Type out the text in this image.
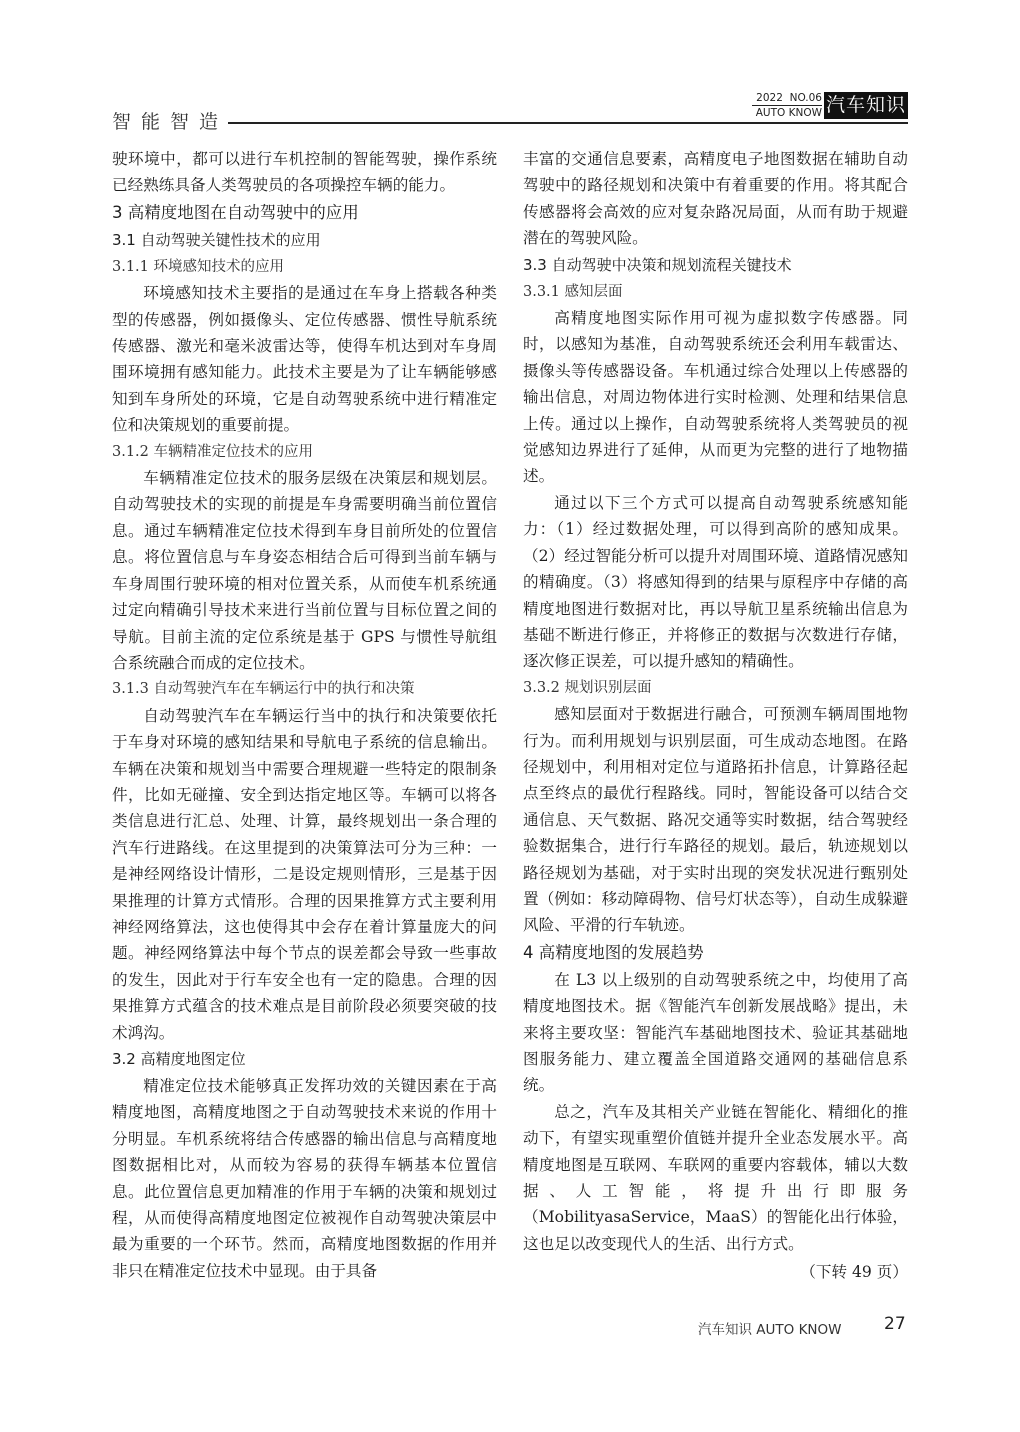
智能智造
2022 NO.06
AUTO KNOW 汽车知识

驶环境中，都可以进行车机控制的智能驾驶，操作系统已经熟练具备人类驾驶员的各项操控车辆的能力。

3 高精度地图在自动驾驶中的应用

3.1 自动驾驶关键性技术的应用

3.1.1 环境感知技术的应用

环境感知技术主要指的是通过在车身上搭载各种类型的传感器，例如摄像头、定位传感器、惯性导航系统传感器、激光和毫米波雷达等，使得车机达到对车身周围环境拥有感知能力。此技术主要是为了让车辆能够感知到车身所处的环境，它是自动驾驶系统中进行精准定位和决策规划的重要前提。

3.1.2 车辆精准定位技术的应用

车辆精准定位技术的服务层级在决策层和规划层。自动驾驶技术的实现的前提是车身需要明确当前位置信息。通过车辆精准定位技术得到车身目前所处的位置信息。将位置信息与车身姿态相结合后可得到当前车辆与车身周围行驶环境的相对位置关系，从而使车机系统通过定向精确引导技术来进行当前位置与目标位置之间的导航。目前主流的定位系统是基于 GPS 与惯性导航组合系统融合而成的定位技术。

3.1.3 自动驾驶汽车在车辆运行中的执行和决策

自动驾驶汽车在车辆运行当中的执行和决策要依托于车身对环境的感知结果和导航电子系统的信息输出。车辆在决策和规划当中需要合理规避一些特定的限制条件，比如无碰撞、安全到达指定地区等。车辆可以将各类信息进行汇总、处理、计算，最终规划出一条合理的汽车行进路线。在这里提到的决策算法可分为三种：一是神经网络设计情形，二是设定规则情形，三是基于因果推理的计算方式情形。合理的因果推算方式主要利用神经网络算法，这也使得其中会存在着计算量庞大的问题。神经网络算法中每个节点的误差都会导致一些事故的发生，因此对于行车安全也有一定的隐患。合理的因果推算方式蕴含的技术难点是目前阶段必须要突破的技术鸿沟。

3.2 高精度地图定位

精准定位技术能够真正发挥功效的关键因素在于高精度地图，高精度地图之于自动驾驶技术来说的作用十分明显。车机系统将结合传感器的输出信息与高精度地图数据相比对，从而较为容易的获得车辆基本位置信息。此位置信息更加精准的作用于车辆的决策和规划过程，从而使得高精度地图定位被视作自动驾驶决策层中最为重要的一个环节。然而，高精度地图数据的作用并非只在精准定位技术中显现。由于具备

丰富的交通信息要素，高精度电子地图数据在辅助自动驾驶中的路径规划和决策中有着重要的作用。将其配合传感器将会高效的应对复杂路况局面，从而有助于规避潜在的驾驶风险。

3.3 自动驾驶中决策和规划流程关键技术

3.3.1 感知层面

高精度地图实际作用可视为虚拟数字传感器。同时，以感知为基准，自动驾驶系统还会利用车载雷达、摄像头等传感器设备。车机通过综合处理以上传感器的输出信息，对周边物体进行实时检测、处理和结果信息上传。通过以上操作，自动驾驶系统将人类驾驶员的视觉感知边界进行了延伸，从而更为完整的进行了地物描述。

通过以下三个方式可以提高自动驾驶系统感知能力：（1）经过数据处理，可以得到高阶的感知成果。（2）经过智能分析可以提升对周围环境、道路情况感知的精确度。（3）将感知得到的结果与原程序中存储的高精度地图进行数据对比，再以导航卫星系统输出信息为基础不断进行修正，并将修正的数据与次数进行存储，逐次修正误差，可以提升感知的精确性。

3.3.2 规划识别层面

感知层面对于数据进行融合，可预测车辆周围地物行为。而利用规划与识别层面，可生成动态地图。在路径规划中，利用相对定位与道路拓扑信息，计算路径起点至终点的最优行程路线。同时，智能设备可以结合交通信息、天气数据、路况交通等实时数据，结合驾驶经验数据集合，进行行车路径的规划。最后，轨迹规划以路径规划为基础，对于实时出现的突发状况进行甄别处置（例如：移动障碍物、信号灯状态等），自动生成躲避风险、平滑的行车轨迹。

4 高精度地图的发展趋势

在 L3 以上级别的自动驾驶系统之中，均使用了高精度地图技术。据《智能汽车创新发展战略》提出，未来将主要攻坚：智能汽车基础地图技术、验证其基础地图服务能力、建立覆盖全国道路交通网的基础信息系统。

总之，汽车及其相关产业链在智能化、精细化的推动下，有望实现重塑价值链并提升全业态发展水平。高精度地图是互联网、车联网的重要内容载体，辅以大数据、人工智能，将提升出行即服务（MobilityasaService，MaaS）的智能化出行体验，这也足以改变现代人的生活、出行方式。

（下转 49 页）

汽车知识 AUTO KNOW	27
